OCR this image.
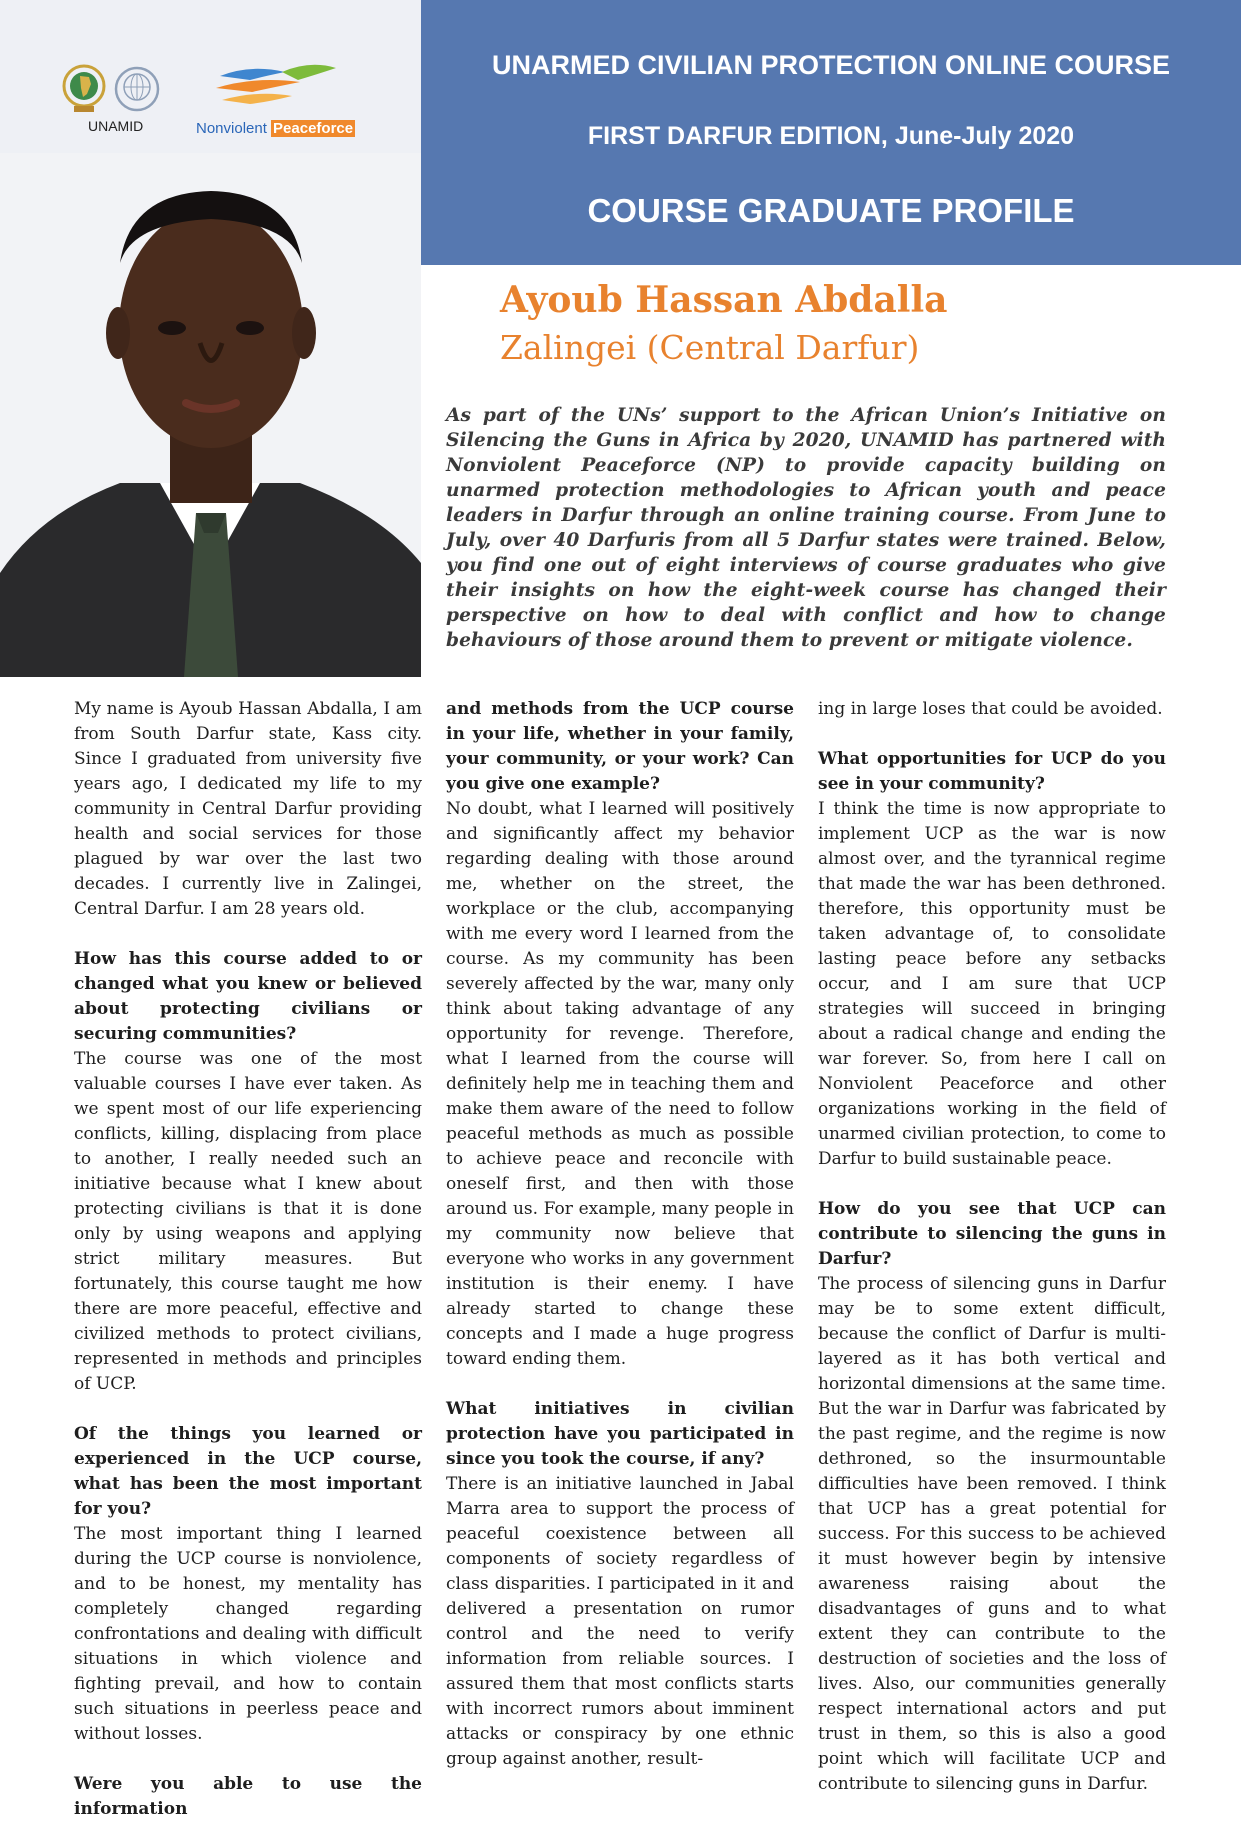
UNAMID	Nonviolent Peaceforce
UNARMED CIVILIAN PROTECTION ONLINE COURSE
FIRST DARFUR EDITION, June-July 2020
COURSE GRADUATE PROFILE
Ayoub Hassan Abdalla
Zalingei (Central Darfur)
As part of the UNs’ support to the African Union’s Initiative on Silencing the Guns in Africa by 2020, UNAMID has partnered with Nonviolent Peaceforce (NP) to provide capacity building on unarmed protection methodologies to African youth and peace leaders in Darfur through an online training course. From June to July, over 40 Darfuris from all 5 Darfur states were trained. Below, you find one out of eight interviews of course graduates who give their insights on how the eight-week course has changed their perspective on how to deal with conflict and how to change behaviours of those around them to prevent or mitigate violence.

My name is Ayoub Hassan Abdalla, I am from South Darfur state, Kass city. Since I graduated from university five years ago, I dedicated my life to my community in Central Darfur providing health and social services for those plagued by war over the last two decades. I currently live in Zalingei, Central Darfur. I am 28 years old.

How has this course added to or changed what you knew or believed about protecting civilians or securing communities?

The course was one of the most valuable courses I have ever taken. As we spent most of our life experiencing conflicts, killing, displacing from place to another, I really needed such an initiative because what I knew about protecting civilians is that it is done only by using weapons and applying strict military measures. But fortunately, this course taught me how there are more peaceful, effective and civilized methods to protect civilians, represented in methods and principles of UCP.

Of the things you learned or experienced in the UCP course, what has been the most important for you?

The most important thing I learned during the UCP course is nonviolence, and to be honest, my mentality has completely changed regarding confrontations and dealing with difficult situations in which violence and fighting prevail, and how to contain such situations in peerless peace and without losses.

Were you able to use the information

and methods from the UCP course in your life, whether in your family, your community, or your work? Can you give one example?

No doubt, what I learned will positively and significantly affect my behavior regarding dealing with those around me, whether on the street, the workplace or the club, accompanying with me every word I learned from the course. As my community has been severely affected by the war, many only think about taking advantage of any opportunity for revenge. Therefore, what I learned from the course will definitely help me in teaching them and make them aware of the need to follow peaceful methods as much as possible to achieve peace and reconcile with oneself first, and then with those around us. For example, many people in my community now believe that everyone who works in any government institution is their enemy. I have already started to change these concepts and I made a huge progress toward ending them.

What initiatives in civilian protection have you participated in since you took the course, if any?

There is an initiative launched in Jabal Marra area to support the process of peaceful coexistence between all components of society regardless of class disparities. I participated in it and delivered a presentation on rumor control and the need to verify information from reliable sources. I assured them that most conflicts starts with incorrect rumors about imminent attacks or conspiracy by one ethnic group against another, result-

ing in large loses that could be avoided.

What opportunities for UCP do you see in your community?

I think the time is now appropriate to implement UCP as the war is now almost over, and the tyrannical regime that made the war has been dethroned. therefore, this opportunity must be taken advantage of, to consolidate lasting peace before any setbacks occur, and I am sure that UCP strategies will succeed in bringing about a radical change and ending the war forever. So, from here I call on Nonviolent Peaceforce and other organizations working in the field of unarmed civilian protection, to come to Darfur to build sustainable peace.

How do you see that UCP can contribute to silencing the guns in Darfur?

The process of silencing guns in Darfur may be to some extent difficult, because the conflict of Darfur is multi-layered as it has both vertical and horizontal dimensions at the same time. But the war in Darfur was fabricated by the past regime, and the regime is now dethroned, so the insurmountable difficulties have been removed. I think that UCP has a great potential for success. For this success to be achieved it must however begin by intensive awareness raising about the disadvantages of guns and to what extent they can contribute to the destruction of societies and the loss of lives. Also, our communities generally respect international actors and put trust in them, so this is also a good point which will facilitate UCP and contribute to silencing guns in Darfur.
